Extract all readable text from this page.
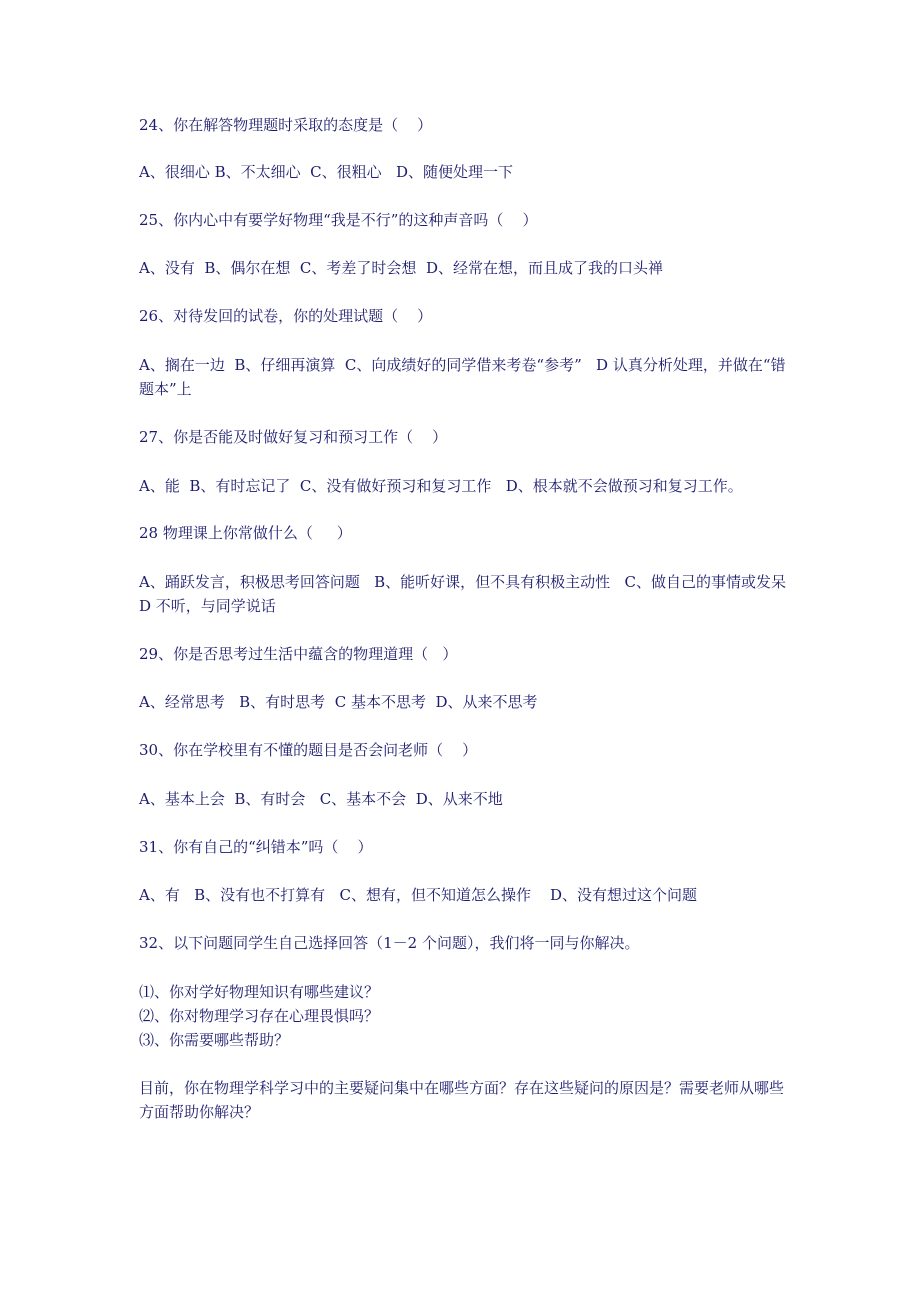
24、你在解答物理题时采取的态度是（    ）
A、很细心 B、不太细心  C、很粗心   D、随便处理一下
25、你内心中有要学好物理“我是不行”的这种声音吗（    ）
A、没有  B、偶尔在想  C、考差了时会想  D、经常在想，而且成了我的口头禅
26、对待发回的试卷，你的处理试题（    ）
A、搁在一边  B、仔细再演算  C、向成绩好的同学借来考卷“参考”   D 认真分析处理，并做在“错题本”上
27、你是否能及时做好复习和预习工作（    ）
A、能  B、有时忘记了  C、没有做好预习和复习工作   D、根本就不会做预习和复习工作。
28 物理课上你常做什么（     ）
A、踊跃发言，积极思考回答问题   B、能听好课，但不具有积极主动性   C、做自己的事情或发呆  D 不听，与同学说话
29、你是否思考过生活中蕴含的物理道理（   ）
A、经常思考   B、有时思考  C 基本不思考  D、从来不思考
30、你在学校里有不懂的题目是否会问老师（    ）
A、基本上会  B、有时会   C、基本不会  D、从来不地
31、你有自己的“纠错本”吗（    ）
A、有   B、没有也不打算有   C、想有，但不知道怎么操作    D、没有想过这个问题
32、以下问题同学生自己选择回答（1－2 个问题），我们将一同与你解决。
⑴、你对学好物理知识有哪些建议？
⑵、你对物理学习存在心理畏惧吗？
⑶、你需要哪些帮助？
目前，你在物理学科学习中的主要疑问集中在哪些方面？存在这些疑问的原因是？需要老师从哪些方面帮助你解决？
